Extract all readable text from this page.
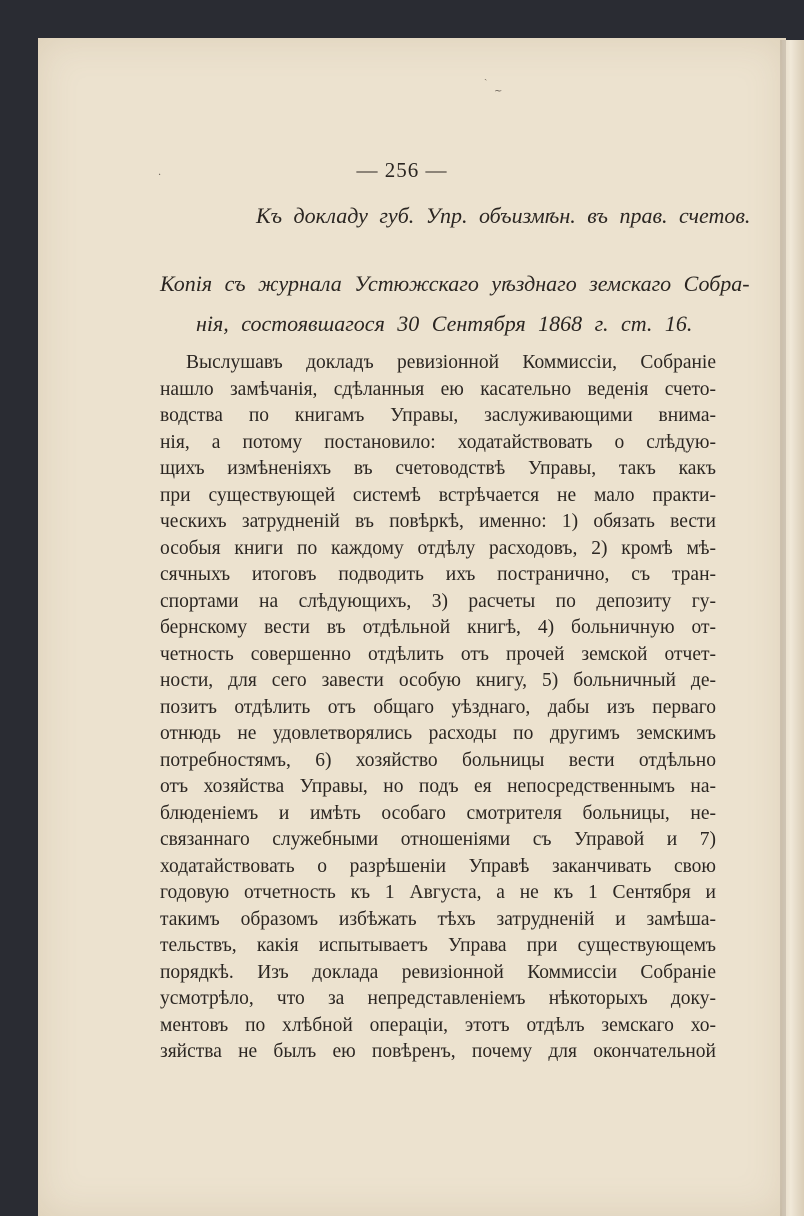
ˎ
~
·	— 256 —
Къ докладу губ. Упр. объизмѣн. въ прав. счетов.
Копія съ журнала Устюжскаго уѣзднаго земскаго Собра-
нія, состоявшагося 30 Сентября 1868 г. ст. 16.
Выслушавъ докладъ ревизіонной Коммиссіи, Собраніе
нашло замѣчанія, сдѣланныя ею касательно веденія счето-
водства по книгамъ Управы, заслуживающими внима-
нія, а потому постановило: ходатайствовать о слѣдую-
щихъ измѣненіяхъ въ счетоводствѣ Управы, такъ какъ
при существующей системѣ встрѣчается не мало практи-
ческихъ затрудненій въ повѣркѣ, именно: 1) обязать вести
особыя книги по каждому отдѣлу расходовъ, 2) кромѣ мѣ-
сячныхъ итоговъ подводить ихъ постранично, съ тран-
спортами на слѣдующихъ, 3) расчеты по депозиту гу-
бернскому вести въ отдѣльной книгѣ, 4) больничную от-
четность совершенно отдѣлить отъ прочей земской отчет-
ности, для сего завести особую книгу, 5) больничный де-
позитъ отдѣлить отъ общаго уѣзднаго, дабы изъ перваго
отнюдь не удовлетворялись расходы по другимъ земскимъ
потребностямъ, 6) хозяйство больницы вести отдѣльно
отъ хозяйства Управы, но подъ ея непосредственнымъ на-
блюденіемъ и имѣть особаго смотрителя больницы, не-
связаннаго служебными отношеніями съ Управой и 7)
ходатайствовать о разрѣшеніи Управѣ заканчивать свою
годовую отчетность къ 1 Августа, а не къ 1 Сентября и
такимъ образомъ избѣжать тѣхъ затрудненій и замѣша-
тельствъ, какія испытываетъ Управа при существующемъ
порядкѣ. Изъ доклада ревизіонной Коммиссіи Собраніе
усмотрѣло, что за непредставленіемъ нѣкоторыхъ доку-
ментовъ по хлѣбной операціи, этотъ отдѣлъ земскаго хо-
зяйства не былъ ею повѣренъ, почему для окончательной
